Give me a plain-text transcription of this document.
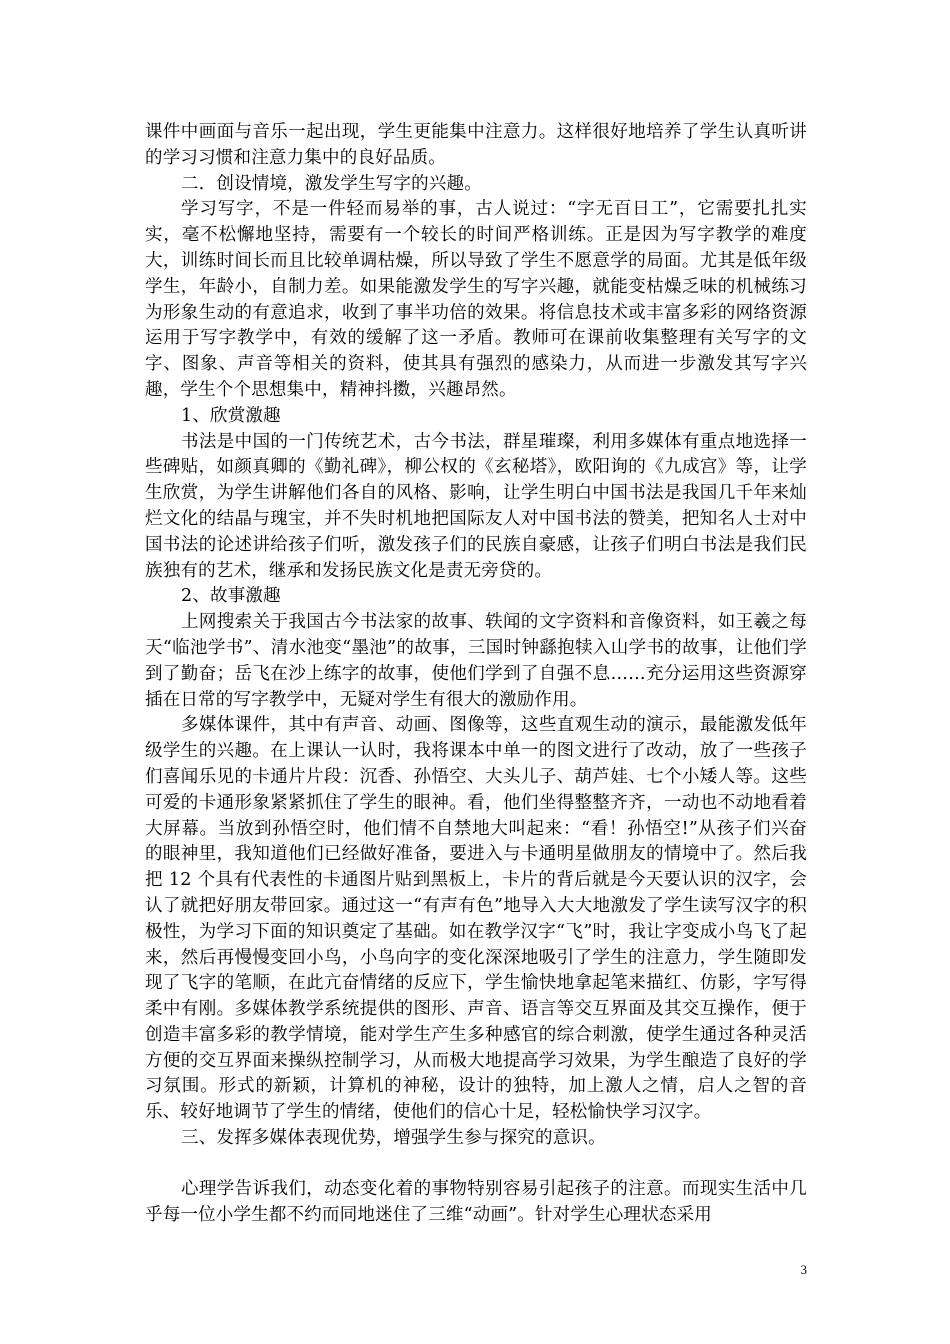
课件中画面与音乐一起出现，学生更能集中注意力。这样很好地培养了学生认真听讲的学习习惯和注意力集中的良好品质。

二．创设情境，激发学生写字的兴趣。

学习写字，不是一件轻而易举的事，古人说过：“字无百日工”，它需要扎扎实实，毫不松懈地坚持，需要有一个较长的时间严格训练。正是因为写字教学的难度大，训练时间长而且比较单调枯燥，所以导致了学生不愿意学的局面。尤其是低年级学生，年龄小，自制力差。如果能激发学生的写字兴趣，就能变枯燥乏味的机械练习为形象生动的有意追求，收到了事半功倍的效果。将信息技术或丰富多彩的网络资源运用于写字教学中，有效的缓解了这一矛盾。教师可在课前收集整理有关写字的文字、图象、声音等相关的资料，使其具有强烈的感染力，从而进一步激发其写字兴趣，学生个个思想集中，精神抖擞，兴趣昂然。

1、欣赏激趣

书法是中国的一门传统艺术，古今书法，群星璀璨，利用多媒体有重点地选择一些碑贴，如颜真卿的《勤礼碑》，柳公权的《玄秘塔》，欧阳询的《九成宫》等，让学生欣赏，为学生讲解他们各自的风格、影响，让学生明白中国书法是我国几千年来灿烂文化的结晶与瑰宝，并不失时机地把国际友人对中国书法的赞美，把知名人士对中国书法的论述讲给孩子们听，激发孩子们的民族自豪感，让孩子们明白书法是我们民族独有的艺术，继承和发扬民族文化是责无旁贷的。

2、故事激趣

上网搜索关于我国古今书法家的故事、轶闻的文字资料和音像资料，如王羲之每天“临池学书”、清水池变“墨池”的故事，三国时钟繇抱犊入山学书的故事，让他们学到了勤奋；岳飞在沙上练字的故事，使他们学到了自强不息……充分运用这些资源穿插在日常的写字教学中，无疑对学生有很大的激励作用。

多媒体课件，其中有声音、动画、图像等，这些直观生动的演示，最能激发低年级学生的兴趣。在上课认一认时，我将课本中单一的图文进行了改动，放了一些孩子们喜闻乐见的卡通片片段：沉香、孙悟空、大头儿子、葫芦娃、七个小矮人等。这些可爱的卡通形象紧紧抓住了学生的眼神。看，他们坐得整整齐齐，一动也不动地看着大屏幕。当放到孙悟空时，他们情不自禁地大叫起来：“看！孙悟空!”从孩子们兴奋的眼神里，我知道他们已经做好准备，要进入与卡通明星做朋友的情境中了。然后我把 12 个具有代表性的卡通图片贴到黑板上，卡片的背后就是今天要认识的汉字，会认了就把好朋友带回家。通过这一“有声有色”地导入大大地激发了学生读写汉字的积极性，为学习下面的知识奠定了基础。如在教学汉字“飞”时，我让字变成小鸟飞了起来，然后再慢慢变回小鸟，小鸟向字的变化深深地吸引了学生的注意力，学生随即发现了飞字的笔顺，在此亢奋情绪的反应下，学生愉快地拿起笔来描红、仿影，字写得柔中有刚。多媒体教学系统提供的图形、声音、语言等交互界面及其交互操作，便于创造丰富多彩的教学情境，能对学生产生多种感官的综合刺激，使学生通过各种灵活方便的交互界面来操纵控制学习，从而极大地提高学习效果，为学生酿造了良好的学习氛围。形式的新颖，计算机的神秘，设计的独特，加上激人之情，启人之智的音乐、较好地调节了学生的情绪，使他们的信心十足，轻松愉快学习汉字。

三、发挥多媒体表现优势，增强学生参与探究的意识。

心理学告诉我们，动态变化着的事物特别容易引起孩子的注意。而现实生活中几乎每一位小学生都不约而同地迷住了三维“动画”。针对学生心理状态采用

3
